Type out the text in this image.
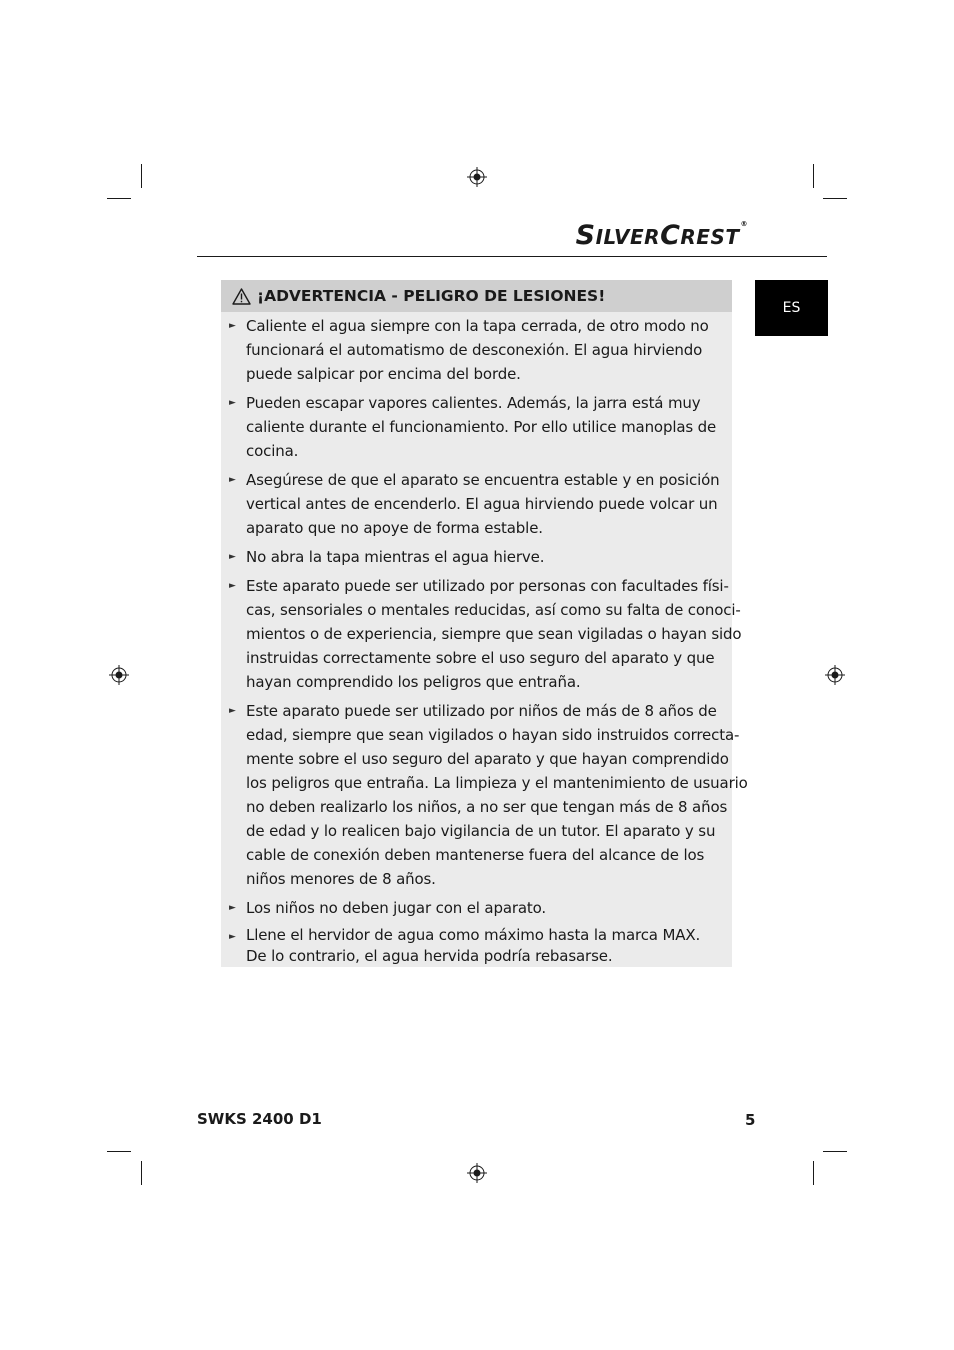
SILVERCREST®
ES
¡ADVERTENCIA - PELIGRO DE LESIONES!
► Caliente el agua siempre con la tapa cerrada, de otro modo no
funcionará el automatismo de desconexión. El agua hirviendo
puede salpicar por encima del borde.
► Pueden escapar vapores calientes. Además, la jarra está muy
caliente durante el funcionamiento. Por ello utilice manoplas de
cocina.
► Asegúrese de que el aparato se encuentra estable y en posición
vertical antes de encenderlo. El agua hirviendo puede volcar un
aparato que no apoye de forma estable.
► No abra la tapa mientras el agua hierve.
► Este aparato puede ser utilizado por personas con facultades físi-
cas, sensoriales o mentales reducidas, así como su falta de conoci-
mientos o de experiencia, siempre que sean vigiladas o hayan sido
instruidas correctamente sobre el uso seguro del aparato y que
hayan comprendido los peligros que entraña.
► Este aparato puede ser utilizado por niños de más de 8 años de
edad, siempre que sean vigilados o hayan sido instruidos correcta-
mente sobre el uso seguro del aparato y que hayan comprendido
los peligros que entraña. La limpieza y el mantenimiento de usuario
no deben realizarlo los niños, a no ser que tengan más de 8 años
de edad y lo realicen bajo vigilancia de un tutor. El aparato y su
cable de conexión deben mantenerse fuera del alcance de los
niños menores de 8 años.
► Los niños no deben jugar con el aparato.
► Llene el hervidor de agua como máximo hasta la marca MAX.
De lo contrario, el agua hervida podría rebasarse.
SWKS 2400 D1	5
